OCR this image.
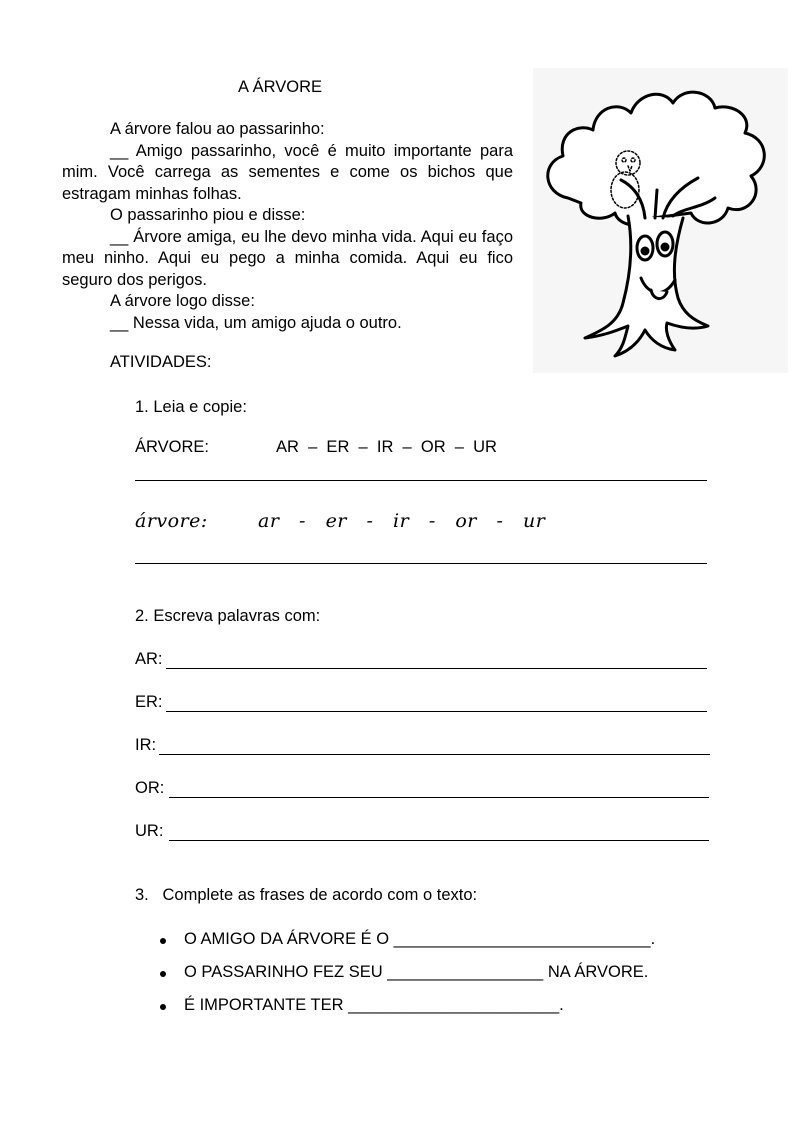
A ÁRVORE

A árvore falou ao passarinho:

__ Amigo passarinho, você é muito importante para mim. Você carrega as sementes e come os bichos que estragam minhas folhas.

O passarinho piou e disse:

__ Árvore amiga, eu lhe devo minha vida. Aqui eu faço meu ninho. Aqui eu pego a minha comida. Aqui eu fico seguro dos perigos.

A árvore logo disse:

__ Nessa vida, um amigo ajuda o outro.

ATIVIDADES:
1. Leia e copie:
ÁRVORE:	AR  –  ER  –  IR  –  OR  –  UR
árvore:	ar   -   er   -   ir   -   or   -   ur
2. Escreva palavras com:
AR:
ER:
IR:
OR:
UR:
3.   Complete as frases de acordo com o texto:
O AMIGO DA ÁRVORE É O ____________________________.
O PASSARINHO FEZ SEU _________________ NA ÁRVORE.
É IMPORTANTE TER _______________________.
